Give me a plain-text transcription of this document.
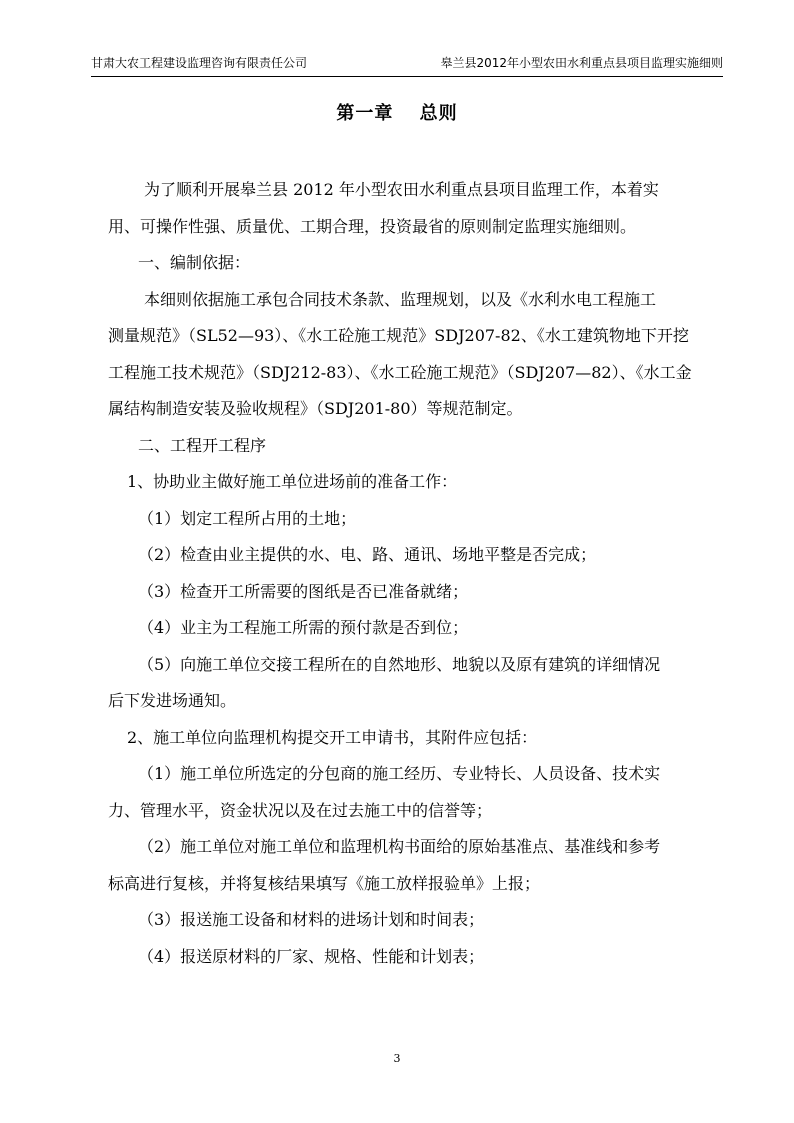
甘肃大农工程建设监理咨询有限责任公司	皋兰县2012年小型农田水利重点县项目监理实施细则
第一章　 总则

为了顺利开展皋兰县 2012 年小型农田水利重点县项目监理工作，本着实

用、可操作性强、质量优、工期合理，投资最省的原则制定监理实施细则。

一、编制依据：

本细则依据施工承包合同技术条款、监理规划，以及《水利水电工程施工

测量规范》（SL52—93）、《水工砼施工规范》SDJ207-82、《水工建筑物地下开挖

工程施工技术规范》（SDJ212-83）、《水工砼施工规范》（SDJ207—82）、《水工金

属结构制造安装及验收规程》（SDJ201-80）等规范制定。

二、工程开工程序

1、协助业主做好施工单位进场前的准备工作：

（1）划定工程所占用的土地；

（2）检查由业主提供的水、电、路、通讯、场地平整是否完成；

（3）检查开工所需要的图纸是否已准备就绪；

（4）业主为工程施工所需的预付款是否到位；

（5）向施工单位交接工程所在的自然地形、地貌以及原有建筑的详细情况

后下发进场通知。

2、施工单位向监理机构提交开工申请书，其附件应包括：

（1）施工单位所选定的分包商的施工经历、专业特长、人员设备、技术实

力、管理水平，资金状况以及在过去施工中的信誉等；

（2）施工单位对施工单位和监理机构书面给的原始基准点、基准线和参考

标高进行复核，并将复核结果填写《施工放样报验单》上报；

（3）报送施工设备和材料的进场计划和时间表；

（4）报送原材料的厂家、规格、性能和计划表；

3
